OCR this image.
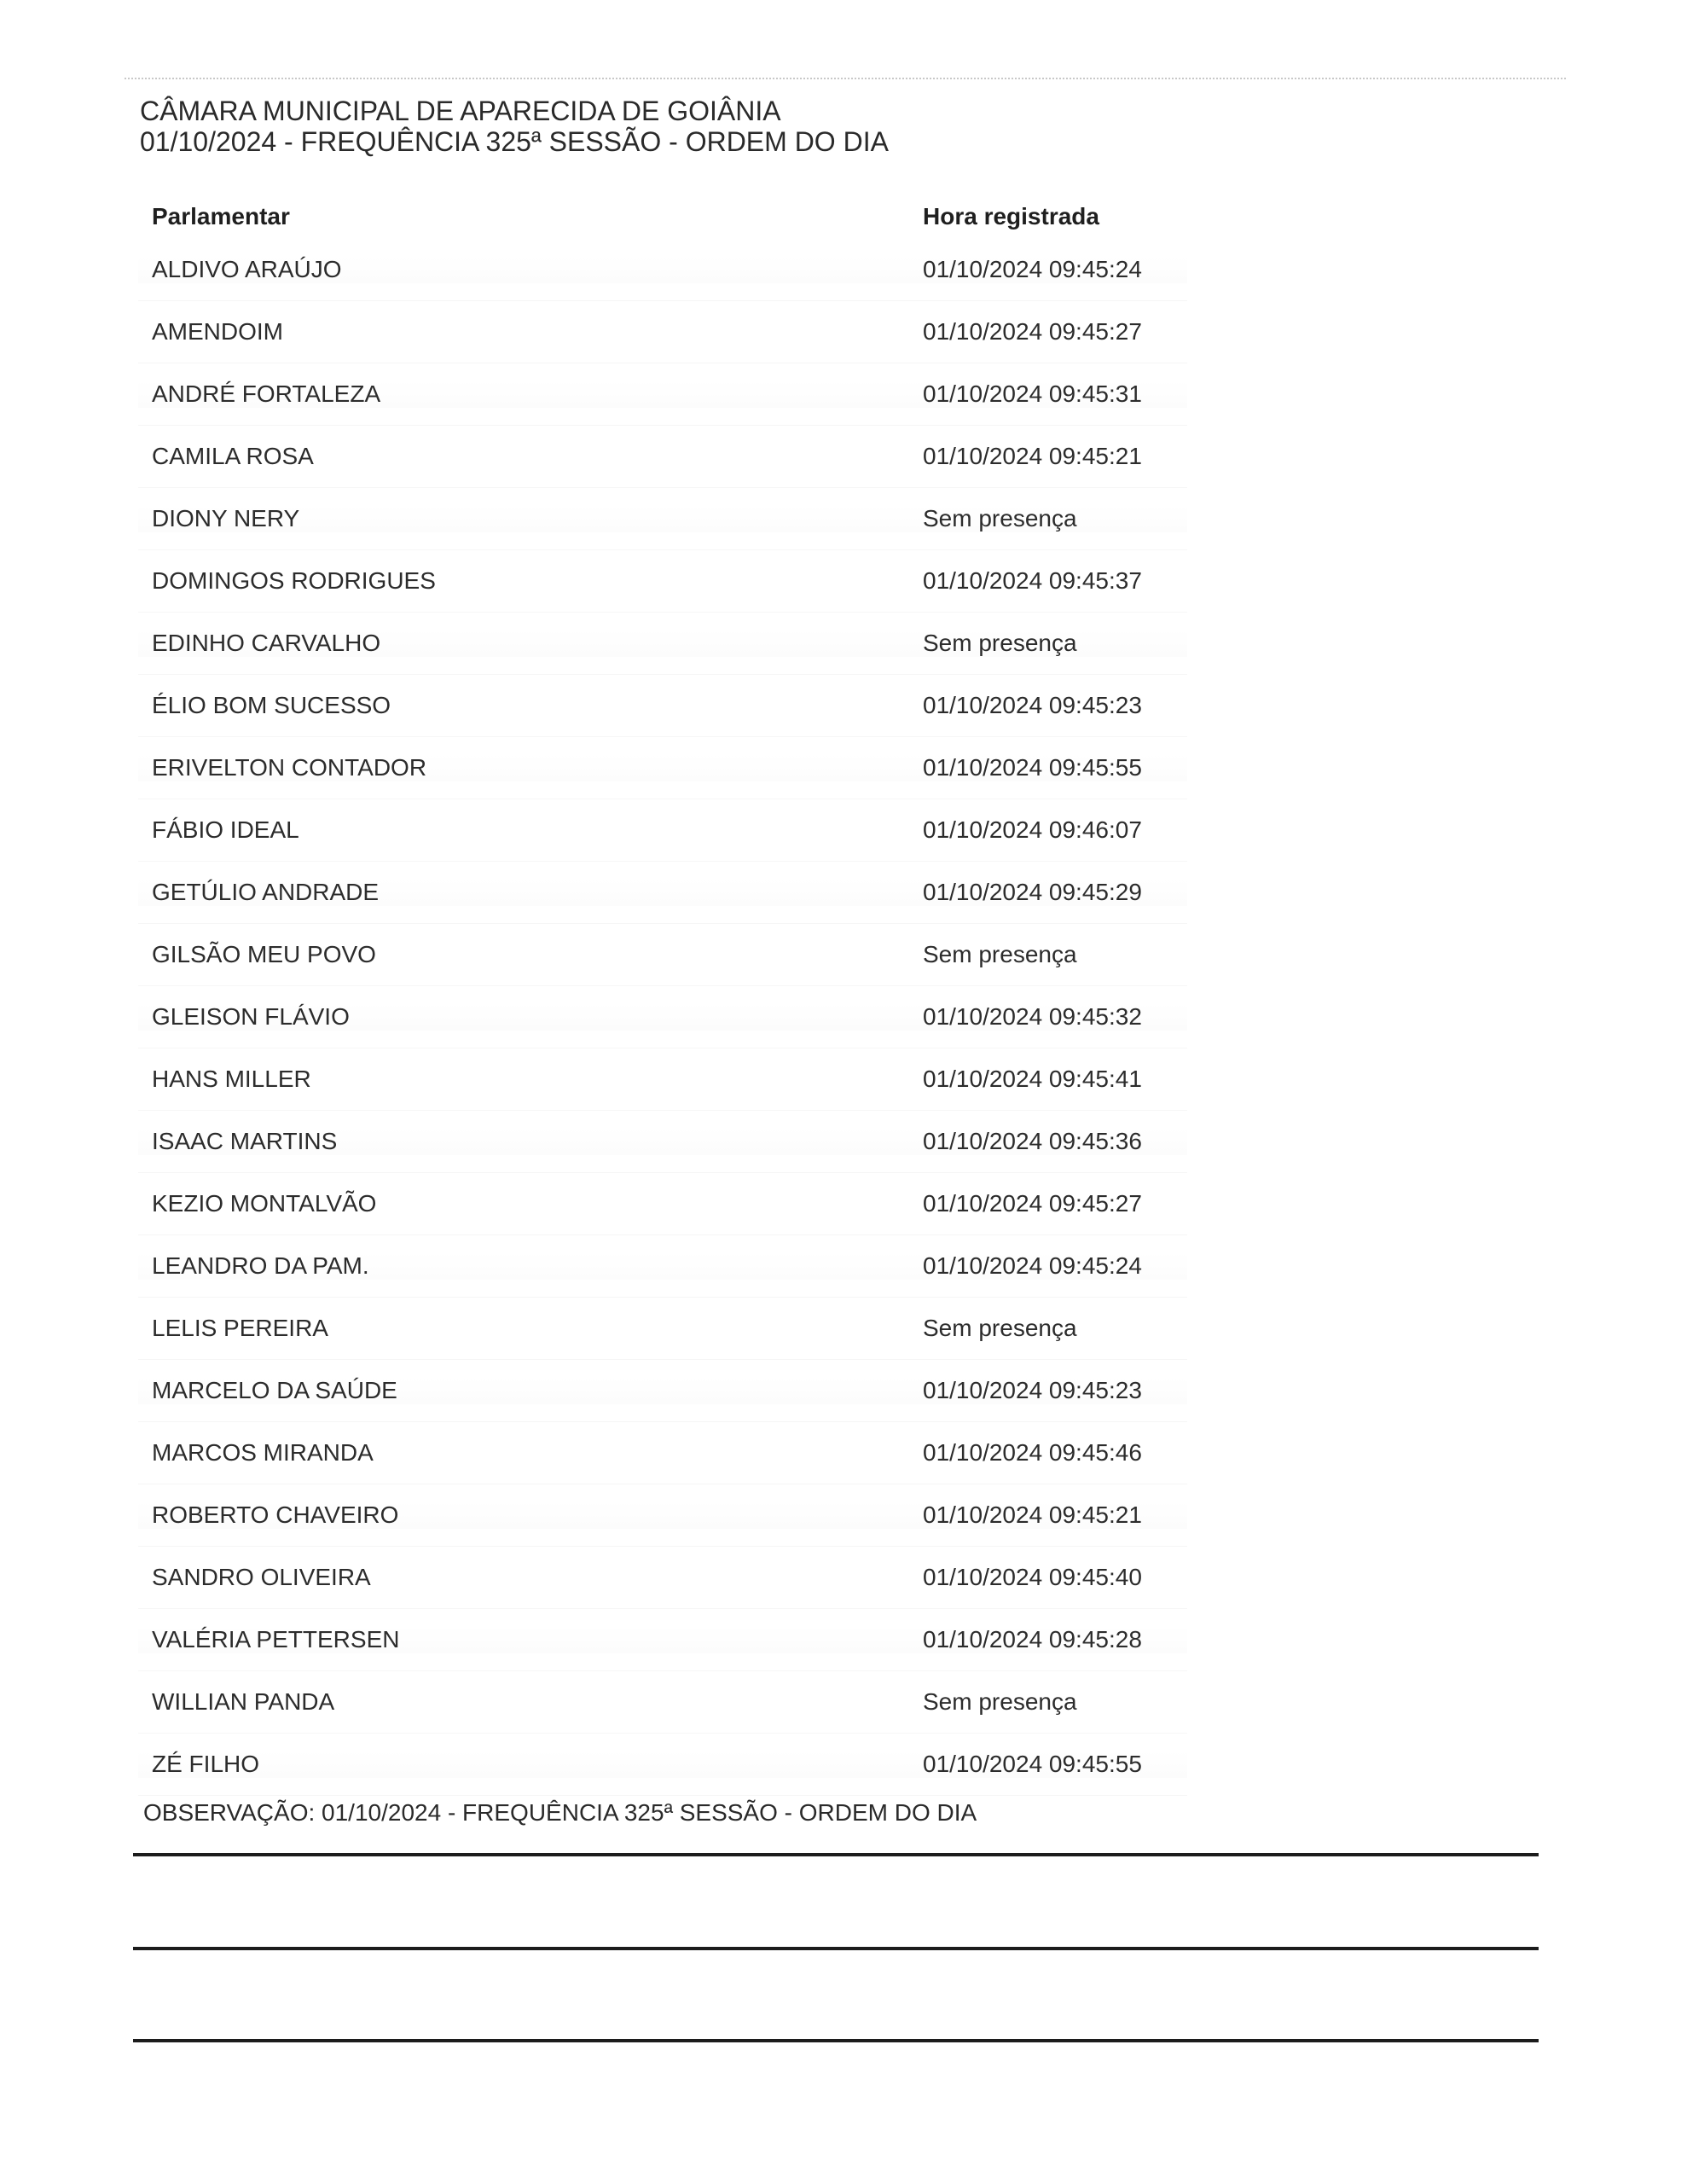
CÂMARA MUNICIPAL DE APARECIDA DE GOIÂNIA
01/10/2024 - FREQUÊNCIA 325ª SESSÃO - ORDEM DO DIA
Parlamentar	Hora registrada
ALDIVO ARAÚJO	01/10/2024 09:45:24
AMENDOIM	01/10/2024 09:45:27
ANDRÉ FORTALEZA	01/10/2024 09:45:31
CAMILA ROSA	01/10/2024 09:45:21
DIONY NERY	Sem presença
DOMINGOS RODRIGUES	01/10/2024 09:45:37
EDINHO CARVALHO	Sem presença
ÉLIO BOM SUCESSO	01/10/2024 09:45:23
ERIVELTON CONTADOR	01/10/2024 09:45:55
FÁBIO IDEAL	01/10/2024 09:46:07
GETÚLIO ANDRADE	01/10/2024 09:45:29
GILSÃO MEU POVO	Sem presença
GLEISON FLÁVIO	01/10/2024 09:45:32
HANS MILLER	01/10/2024 09:45:41
ISAAC MARTINS	01/10/2024 09:45:36
KEZIO MONTALVÃO	01/10/2024 09:45:27
LEANDRO DA PAM.	01/10/2024 09:45:24
LELIS PEREIRA	Sem presença
MARCELO DA SAÚDE	01/10/2024 09:45:23
MARCOS MIRANDA	01/10/2024 09:45:46
ROBERTO CHAVEIRO	01/10/2024 09:45:21
SANDRO OLIVEIRA	01/10/2024 09:45:40
VALÉRIA PETTERSEN	01/10/2024 09:45:28
WILLIAN PANDA	Sem presença
ZÉ FILHO	01/10/2024 09:45:55
OBSERVAÇÃO: 01/10/2024 - FREQUÊNCIA 325ª SESSÃO - ORDEM DO DIA
